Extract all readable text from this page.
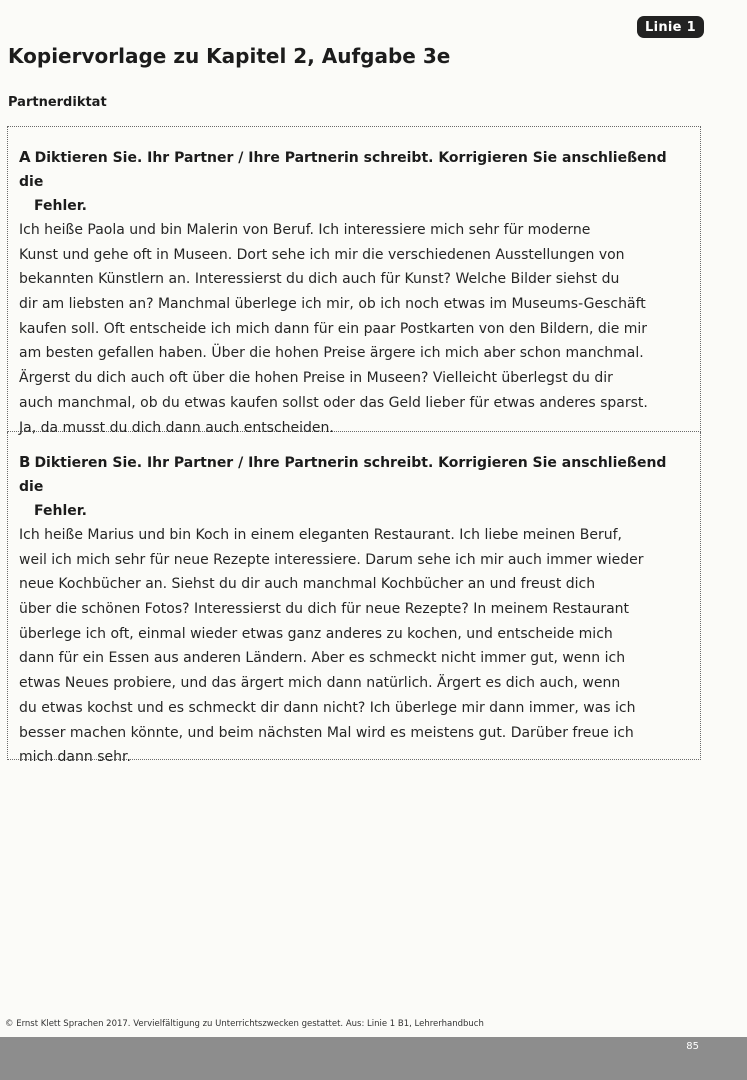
Linie 1
Kopiervorlage zu Kapitel 2, Aufgabe 3e
Partnerdiktat

A Diktieren Sie. Ihr Partner / Ihre Partnerin schreibt. Korrigieren Sie anschließend die
Fehler.

Ich heiße Paola und bin Malerin von Beruf. Ich interessiere mich sehr für moderne
Kunst und gehe oft in Museen. Dort sehe ich mir die verschiedenen Ausstellungen von
bekannten Künstlern an. Interessierst du dich auch für Kunst? Welche Bilder siehst du
dir am liebsten an? Manchmal überlege ich mir, ob ich noch etwas im Museums-Geschäft
kaufen soll. Oft entscheide ich mich dann für ein paar Postkarten von den Bildern, die mir
am besten gefallen haben. Über die hohen Preise ärgere ich mich aber schon manchmal.
Ärgerst du dich auch oft über die hohen Preise in Museen? Vielleicht überlegst du dir
auch manchmal, ob du etwas kaufen sollst oder das Geld lieber für etwas anderes sparst.
Ja, da musst du dich dann auch entscheiden.

B Diktieren Sie. Ihr Partner / Ihre Partnerin schreibt. Korrigieren Sie anschließend die
Fehler.

Ich heiße Marius und bin Koch in einem eleganten Restaurant. Ich liebe meinen Beruf,
weil ich mich sehr für neue Rezepte interessiere. Darum sehe ich mir auch immer wieder
neue Kochbücher an. Siehst du dir auch manchmal Kochbücher an und freust dich
über die schönen Fotos? Interessierst du dich für neue Rezepte? In meinem Restaurant
überlege ich oft, einmal wieder etwas ganz anderes zu kochen, und entscheide mich
dann für ein Essen aus anderen Ländern. Aber es schmeckt nicht immer gut, wenn ich
etwas Neues probiere, und das ärgert mich dann natürlich. Ärgert es dich auch, wenn
du etwas kochst und es schmeckt dir dann nicht? Ich überlege mir dann immer, was ich
besser machen könnte, und beim nächsten Mal wird es meistens gut. Darüber freue ich
mich dann sehr.
© Ernst Klett Sprachen 2017. Vervielfältigung zu Unterrichtszwecken gestattet. Aus: Linie 1 B1, Lehrerhandbuch
85
